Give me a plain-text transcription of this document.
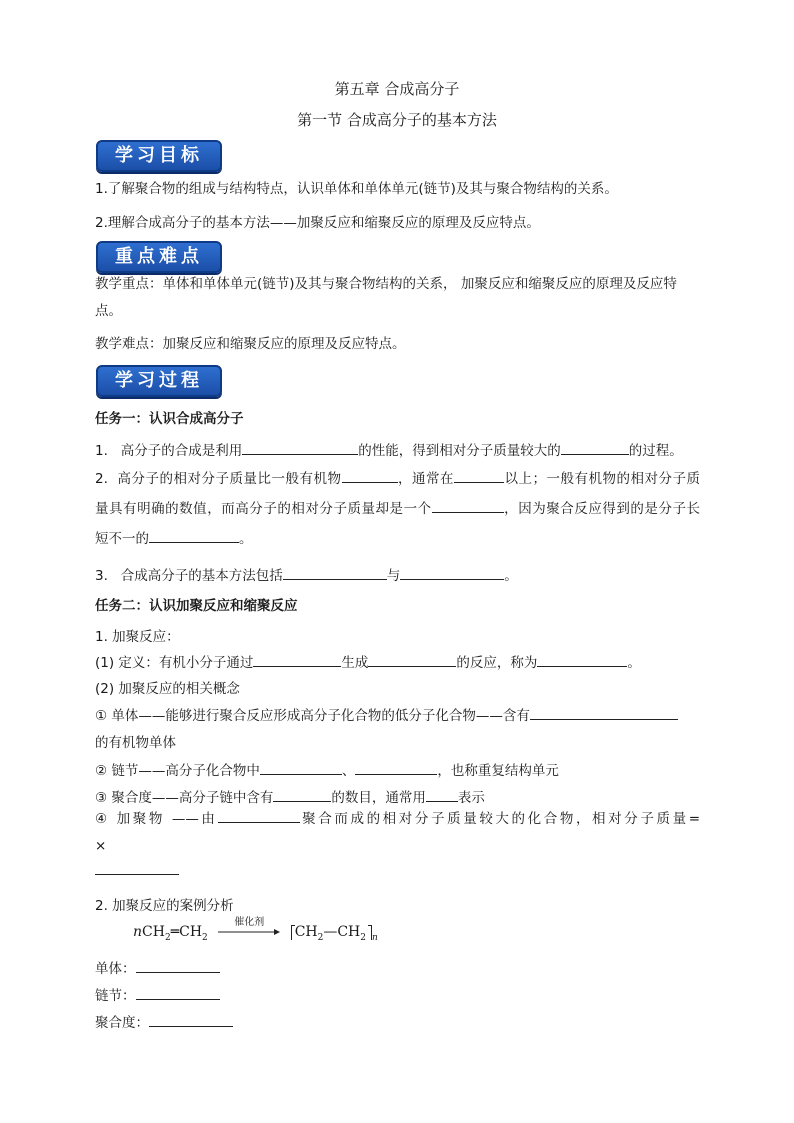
第五章 合成高分子
第一节 合成高分子的基本方法
学习目标
1.了解聚合物的组成与结构特点，认识单体和单体单元(链节)及其与聚合物结构的关系。
2.理解合成高分子的基本方法——加聚反应和缩聚反应的原理及反应特点。
重点难点
教学重点：单体和单体单元(链节)及其与聚合物结构的关系， 加聚反应和缩聚反应的原理及反应特
点。
教学难点：加聚反应和缩聚反应的原理及反应特点。
学习过程
任务一：认识合成高分子
1. 高分子的合成是利用	的性能，得到相对分子质量较大的	的过程。
2. 高分子的相对分子质量比一般有机物	，通常在	以上；一般有机物的相对分子质
量具有明确的数值，而高分子的相对分子质量却是一个	，因为聚合反应得到的是分子长
短不一的	。
3. 合成高分子的基本方法包括	与	。
任务二：认识加聚反应和缩聚反应
1. 加聚反应：
(1) 定义：有机小分子通过	生成	的反应，称为	。
(2) 加聚反应的相关概念
① 单体——能够进行聚合反应形成高分子化合物的低分子化合物——含有
的有机物单体
② 链节——高分子化合物中	、	，也称重复结构单元
③ 聚合度——高分子链中含有	的数目，通常用 表示
④ 加聚物 ——由	聚合而成的相对分子质量较大的化合物，相对分子质量=
×
2. 加聚反应的案例分析
$nCH_2═CH_2$
催化剂
$CH_2—CH_2$ $_n$
单体：
链节：
聚合度：
